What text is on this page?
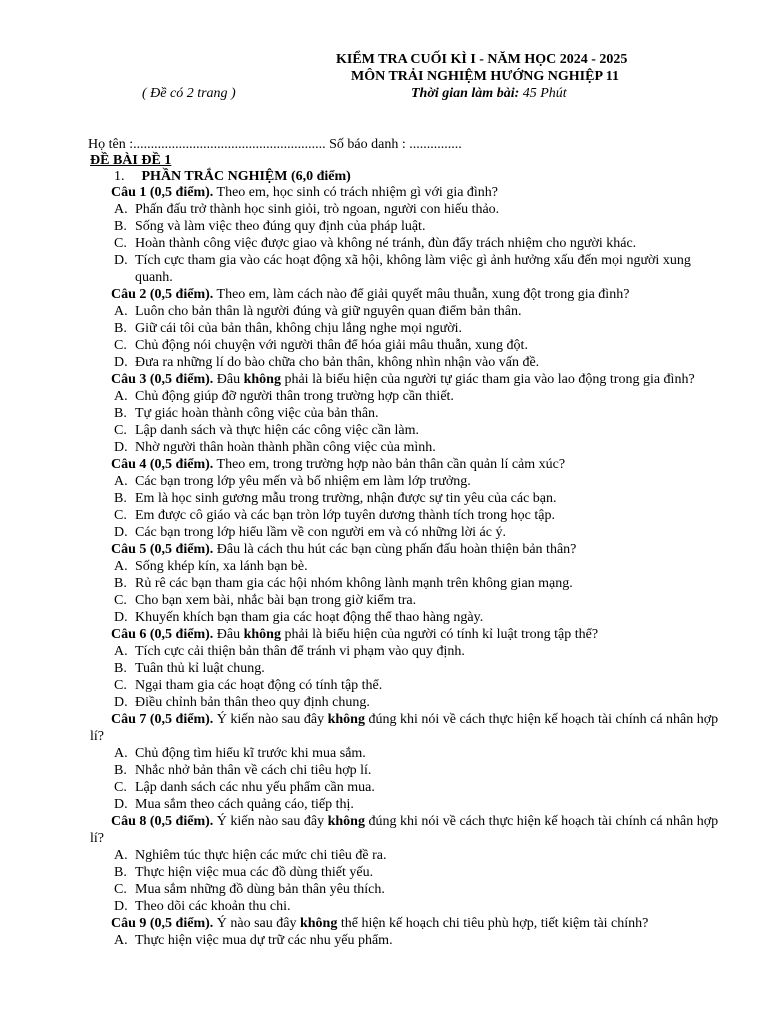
KIỂM TRA CUỐI KÌ I - NĂM HỌC 2024 - 2025
MÔN TRẢI NGHIỆM HƯỚNG NGHIỆP 11
( Đề có 2 trang )	Thời gian làm bài: 45 Phút
Họ tên :....................................................... Số báo danh : ...............
ĐỀ BÀI ĐỀ 1
1. PHẦN TRẮC NGHIỆM (6,0 điểm)

Câu 1 (0,5 điểm). Theo em, học sinh có trách nhiệm gì với gia đình?

A. Phấn đấu trở thành học sinh giỏi, trò ngoan, người con hiếu thảo.
B. Sống và làm việc theo đúng quy định của pháp luật.
C. Hoàn thành công việc được giao và không né tránh, đùn đẩy trách nhiệm cho người khác.
D. Tích cực tham gia vào các hoạt động xã hội, không làm việc gì ảnh hưởng xấu đến mọi người xung quanh.

Câu 2 (0,5 điểm). Theo em, làm cách nào để giải quyết mâu thuẫn, xung đột trong gia đình?

A. Luôn cho bản thân là người đúng và giữ nguyên quan điểm bản thân.
B. Giữ cái tôi của bản thân, không chịu lắng nghe mọi người.
C. Chủ động nói chuyện với người thân để hóa giải mâu thuẫn, xung đột.
D. Đưa ra những lí do bào chữa cho bản thân, không nhìn nhận vào vấn đề.

Câu 3 (0,5 điểm). Đâu không phải là biểu hiện của người tự giác tham gia vào lao động trong gia đình?

A. Chủ động giúp đỡ người thân trong trường hợp cần thiết.
B. Tự giác hoàn thành công việc của bản thân.
C. Lập danh sách và thực hiện các công việc cần làm.
D. Nhờ người thân hoàn thành phần công việc của mình.

Câu 4 (0,5 điểm). Theo em, trong trường hợp nào bản thân cần quản lí cảm xúc?

A. Các bạn trong lớp yêu mến và bổ nhiệm em làm lớp trưởng.
B. Em là học sinh gương mẫu trong trường, nhận được sự tin yêu của các bạn.
C. Em được cô giáo và các bạn tròn lớp tuyên dương thành tích trong học tập.
D. Các bạn trong lớp hiểu lầm về con người em và có những lời ác ý.

Câu 5 (0,5 điểm). Đâu là cách thu hút các bạn cùng phấn đấu hoàn thiện bản thân?

A. Sống khép kín, xa lánh bạn bè.
B. Rủ rê các bạn tham gia các hội nhóm không lành mạnh trên không gian mạng.
C. Cho bạn xem bài, nhắc bài bạn trong giờ kiểm tra.
D. Khuyến khích bạn tham gia các hoạt động thể thao hàng ngày.

Câu 6 (0,5 điểm). Đâu không phải là biểu hiện của người có tính kỉ luật trong tập thể?

A. Tích cực cải thiện bản thân để tránh vi phạm vào quy định.
B. Tuân thủ kỉ luật chung.
C. Ngại tham gia các hoạt động có tính tập thể.
D. Điều chỉnh bản thân theo quy định chung.

Câu 7 (0,5 điểm). Ý kiến nào sau đây không đúng khi nói về cách thực hiện kế hoạch tài chính cá nhân hợp lí?

A. Chủ động tìm hiểu kĩ trước khi mua sắm.
B. Nhắc nhở bản thân về cách chi tiêu hợp lí.
C. Lập danh sách các nhu yếu phẩm cần mua.
D. Mua sắm theo cách quảng cáo, tiếp thị.

Câu 8 (0,5 điểm). Ý kiến nào sau đây không đúng khi nói về cách thực hiện kế hoạch tài chính cá nhân hợp lí?

A. Nghiêm túc thực hiện các mức chi tiêu đề ra.
B. Thực hiện việc mua các đồ dùng thiết yếu.
C. Mua sắm những đồ dùng bản thân yêu thích.
D. Theo dõi các khoản thu chi.

Câu 9 (0,5 điểm). Ý nào sau đây không thể hiện kế hoạch chi tiêu phù hợp, tiết kiệm tài chính?

A. Thực hiện việc mua dự trữ các nhu yếu phẩm.
